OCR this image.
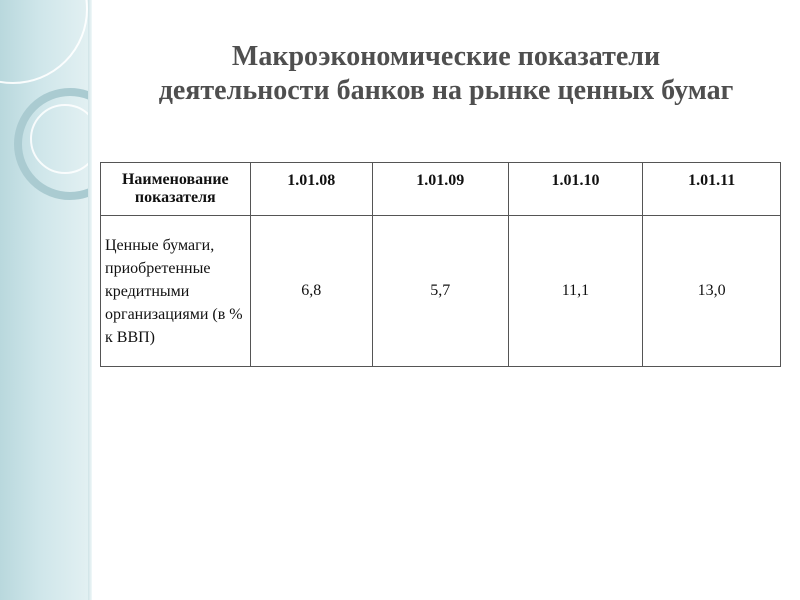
Макроэкономические показатели
деятельности банков на рынке ценных бумаг
Наименование показателя	1.01.08	1.01.09	1.01.10	1.01.11
Ценные бумаги, приобретенные кредитными организациями (в % к ВВП)	6,8	5,7	11,1	13,0
